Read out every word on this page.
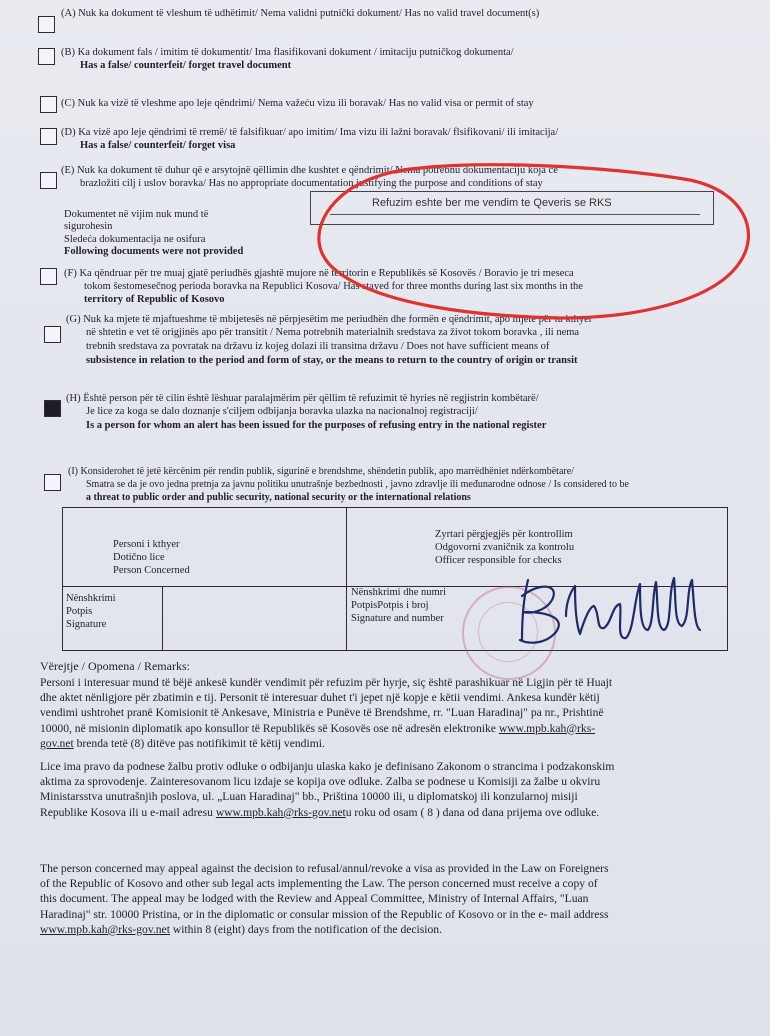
(A) Nuk ka dokument të vleshum të udhëtimit/ Nema validni putnički dokument/ Has no valid travel document(s)
(B) Ka dokument fals / imitim të dokumentit/ Ima flasifikovani dokument / imitaciju putničkog dokumenta/
Has a false/ counterfeit/ forget travel document
(C) Nuk ka vizë të vleshme apo leje qëndrimi/ Nema važeću vizu ili boravak/ Has no valid visa or permit of stay
(D) Ka vizë apo leje qëndrimi të rremë/ të falsifikuar/ apo imitim/ Ima vizu ili lažni boravak/ flsifikovani/ ili imitacija/
Has a false/ counterfeit/ forget visa
(E) Nuk ka dokument të duhur që e arsytojnë qëllimin dhe kushtet e qëndrimit/ Nema potrebnu dokumentaciju koja će
brazložiti cilj i uslov boravka/ Has no appropriate documentation justifying the purpose and conditions of stay
Dokumentet në vijim nuk mund të
sigurohesin
Sledeća dokumentacija ne osifura
Following documents were not provided
Refuzim eshte ber me vendim te Qeveris se RKS
(F) Ka qëndruar për tre muaj gjatë periudhës gjashtë mujore në territorin e Republikës së Kosovës / Boravio je tri meseca
tokom šestomesečnog perioda boravka na Republici Kosova/ Has stayed for three months during last six months in the
territory of Republic of Kosovo
(G) Nuk ka mjete të mjaftueshme të mbijetesës në përpjesëtim me periudhën dhe formën e qëndrimit, apo mjete për tu kthyer
në shtetin e vet të origjinës apo për transitit / Nema potrebnih materialnih sredstava za život tokom boravka , ili nema
trebnih sredstava za povratak na državu iz kojeg dolazi ili transitna državu / Does not have sufficient means of
subsistence in relation to the period and form of stay, or the means to return to the country of origin or transit
(H) Është person për të cilin është lëshuar paralajmërim për qëllim të refuzimit të hyries në regjistrin kombëtarë/
Je lice za koga se dalo doznanje s'ciljem odbijanja boravka ulazka na nacionalnoj registraciji/
Is a person for whom an alert has been issued for the purposes of refusing entry in the national register
(I) Konsiderohet të jetë kërcënim për rendin publik, sigurinë e brendshme, shëndetin publik, apo marrëdhëniet ndërkombëtare/
Smatra se da je ovo jedna pretnja za javnu politiku unutrašnje bezbednosti , javno zdravlje ili međunarodne odnose / Is considered to be
a threat to public order and public security, national security or the international relations
Personi i kthyer
Dotično lice
Person Concerned
Zyrtari përgjegjës për kontrollim
Odgovorni zvaničnik za kontrolu
Officer responsible for checks
Nënshkrimi
Potpis
Signature
Nënshkrimi dhe numri
PotpisPotpis i broj
Signature and number
Vërejtje / Opomena / Remarks:
Personi i interesuar mund të bëjë ankesë kundër vendimit për refuzim për hyrje, siç është parashikuar në Ligjin për të Huajt
dhe aktet nënligjore për zbatimin e tij. Personit të interesuar duhet t'i jepet një kopje e këtii vendimi. Ankesa kundër këtij
vendimi ushtrohet pranë Komisionit të Ankesave, Ministria e Punëve të Brendshme, rr. "Luan Haradinaj" pa nr., Prishtinë
10000, në misionin diplomatik apo konsullor të Republikës së Kosovës ose në adresën elektronike www.mpb.kah@rks-
gov.net brenda tetë (8) ditëve pas notifikimit të këtij vendimi.
Lice ima pravo da podnese žalbu protiv odluke o odbijanju ulaska kako je definisano Zakonom o strancima i podzakonskim
aktima za sprovodenje. Zainteresovanom licu izdaje se kopija ove odluke. Zalba se podnese u Komisiji za žalbe u okviru
Ministarsstva unutrašnjih poslova, ul. „Luan Haradinaj" bb., Priština 10000 ili, u diplomatskoj ili konzularnoj misiji
Republike Kosova ili u e-mail adresu www.mpb.kah@rks-gov.netu roku od osam ( 8 ) dana od dana prijema ove odluke.
The person concerned may appeal against the decision to refusal/annul/revoke a visa as provided in the Law on Foreigners
of the Republic of Kosovo and other sub legal acts implementing the Law. The person concerned must receive a copy of
this document. The appeal may be lodged with the Review and Appeal Committee, Ministry of Internal Affairs, "Luan
Haradinaj" str. 10000 Pristina, or in the diplomatic or consular mission of the Republic of Kosovo or in the e- mail address
www.mpb.kah@rks-gov.net within 8 (eight) days from the notification of the decision.
